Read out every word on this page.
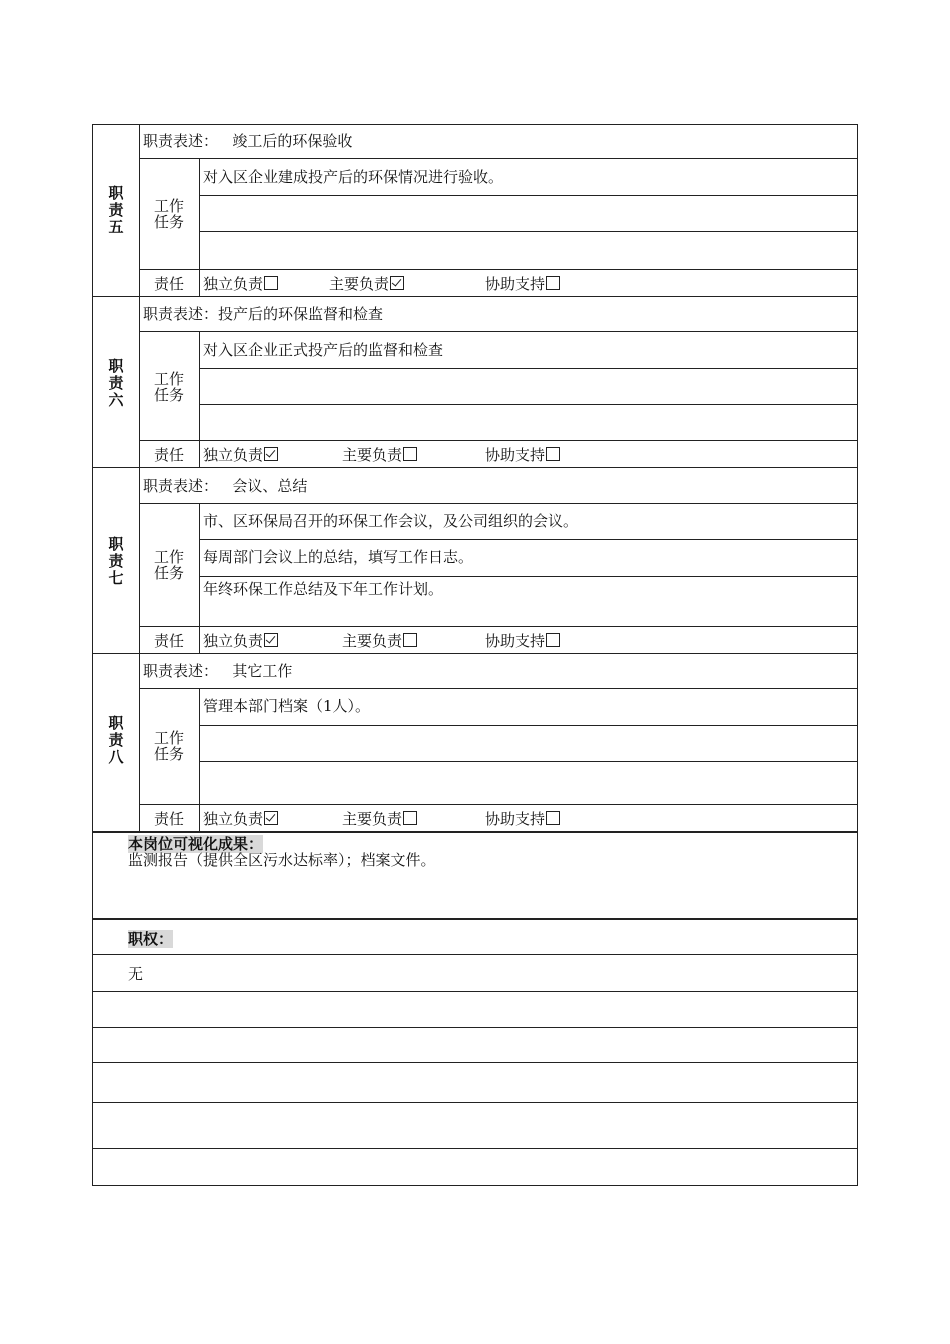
职
责
五
职责表述： 竣工后的环保验收
工作
任务
对入区企业建成投产后的环保情况进行验收。
责任 独立负责	主要负责	协助支持
职
责
六
职责表述：投产后的环保监督和检查
工作
任务
对入区企业正式投产后的监督和检查
责任 独立负责	主要负责	协助支持
职
责
七
职责表述： 会议、总结
工作
任务
市、区环保局召开的环保工作会议，及公司组织的会议。
每周部门会议上的总结，填写工作日志。
年终环保工作总结及下年工作计划。
责任 独立负责	主要负责	协助支持
职
责
八
职责表述： 其它工作
工作
任务
管理本部门档案（1人）。
责任 独立负责	主要负责	协助支持
本岗位可视化成果：
监测报告（提供全区污水达标率）；档案文件。
职权：
无
